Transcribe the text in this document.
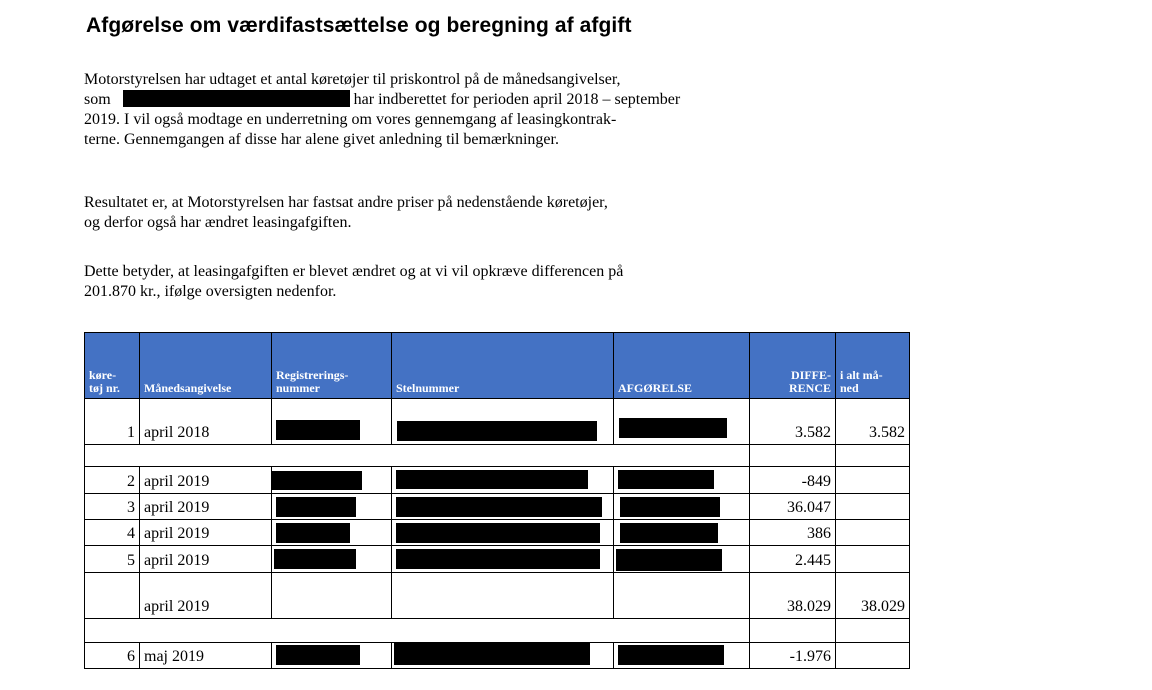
Afgørelse om værdifastsættelse og beregning af afgift

Motorstyrelsen har udtaget et antal køretøjer til priskontrol på de månedsangivelser,
som	har indberettet for perioden april 2018 – september
2019. I vil også modtage en underretning om vores gennemgang af leasingkontrak-
terne. Gennemgangen af disse har alene givet anledning til bemærkninger.

Resultatet er, at Motorstyrelsen har fastsat andre priser på nedenstående køretøjer,
og derfor også har ændret leasingafgiften.

Dette betyder, at leasingafgiften er blevet ændret og at vi vil opkræve differencen på
201.870 kr., ifølge oversigten nedenfor.

køre-
tøj nr.	Månedsangivelse	Registrerings-
nummer	Stelnummer	AFGØRELSE	DIFFE-
RENCE	i alt må-
ned
1	april 2018				3.582	3.582

2	april 2019				-849	
3	april 2019				36.047	
4	april 2019				386	
5	april 2019				2.445	
	april 2019				38.029	38.029

6	maj 2019				-1.976	
